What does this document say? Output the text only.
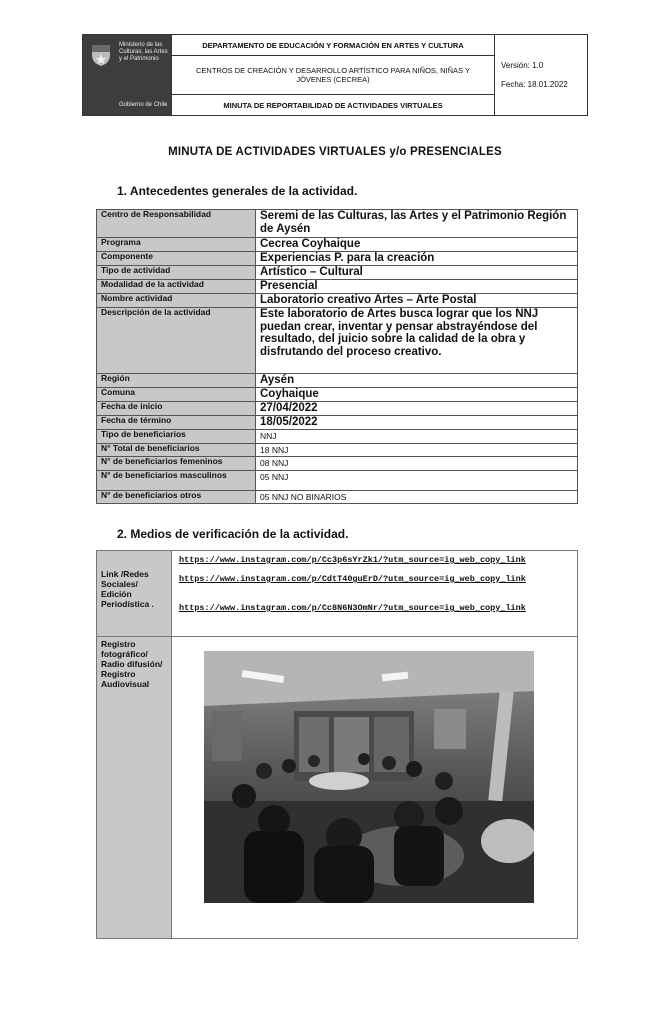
Ministerio de las Culturas, las Artes y el Patrimonio
Gobierno de Chile
DEPARTAMENTO DE EDUCACIÓN Y FORMACIÓN EN ARTES Y CULTURA
CENTROS DE CREACIÓN Y DESARROLLO ARTÍSTICO PARA NIÑOS, NIÑAS Y JÓVENES (CECREA)
MINUTA DE REPORTABILIDAD DE ACTIVIDADES VIRTUALES
Versión: 1.0
Fecha: 18.01.2022
MINUTA DE ACTIVIDADES VIRTUALES y/o PRESENCIALES
1. Antecedentes generales de la actividad.
Centro de Responsabilidad	Seremi de las Culturas, las Artes y el Patrimonio Región de Aysén
Programa	Cecrea Coyhaique
Componente	Experiencias P. para la creación
Tipo de actividad	Artístico – Cultural
Modalidad de la actividad	Presencial
Nombre actividad	Laboratorio creativo Artes – Arte Postal
Descripción de la actividad	Este laboratorio de Artes busca lograr que los NNJ puedan crear, inventar y pensar abstrayéndose del resultado, del juicio sobre la calidad de la obra y disfrutando del proceso creativo.
Región	Aysén
Comuna	Coyhaique
Fecha de inicio	27/04/2022
Fecha de término	18/05/2022
Tipo de beneficiarios	NNJ
N° Total de beneficiarios	18 NNJ
N° de beneficiarios femeninos	08 NNJ
N° de beneficiarios masculinos	05 NNJ
N° de beneficiarios otros	05 NNJ NO BINARIOS
2. Medios de verificación de la actividad.
Link /Redes Sociales/ Edición Periodística .	https://www.instagram.com/p/Cc3p6sYrZk1/?utm_source=ig_web_copy_link
https://www.instagram.com/p/CdtT40guErD/?utm_source=ig_web_copy_link
https://www.instagram.com/p/Cc8N6N3OmNr/?utm_source=ig_web_copy_link

Registro fotográfico/ Radio difusión/ Registro Audiovisual	
